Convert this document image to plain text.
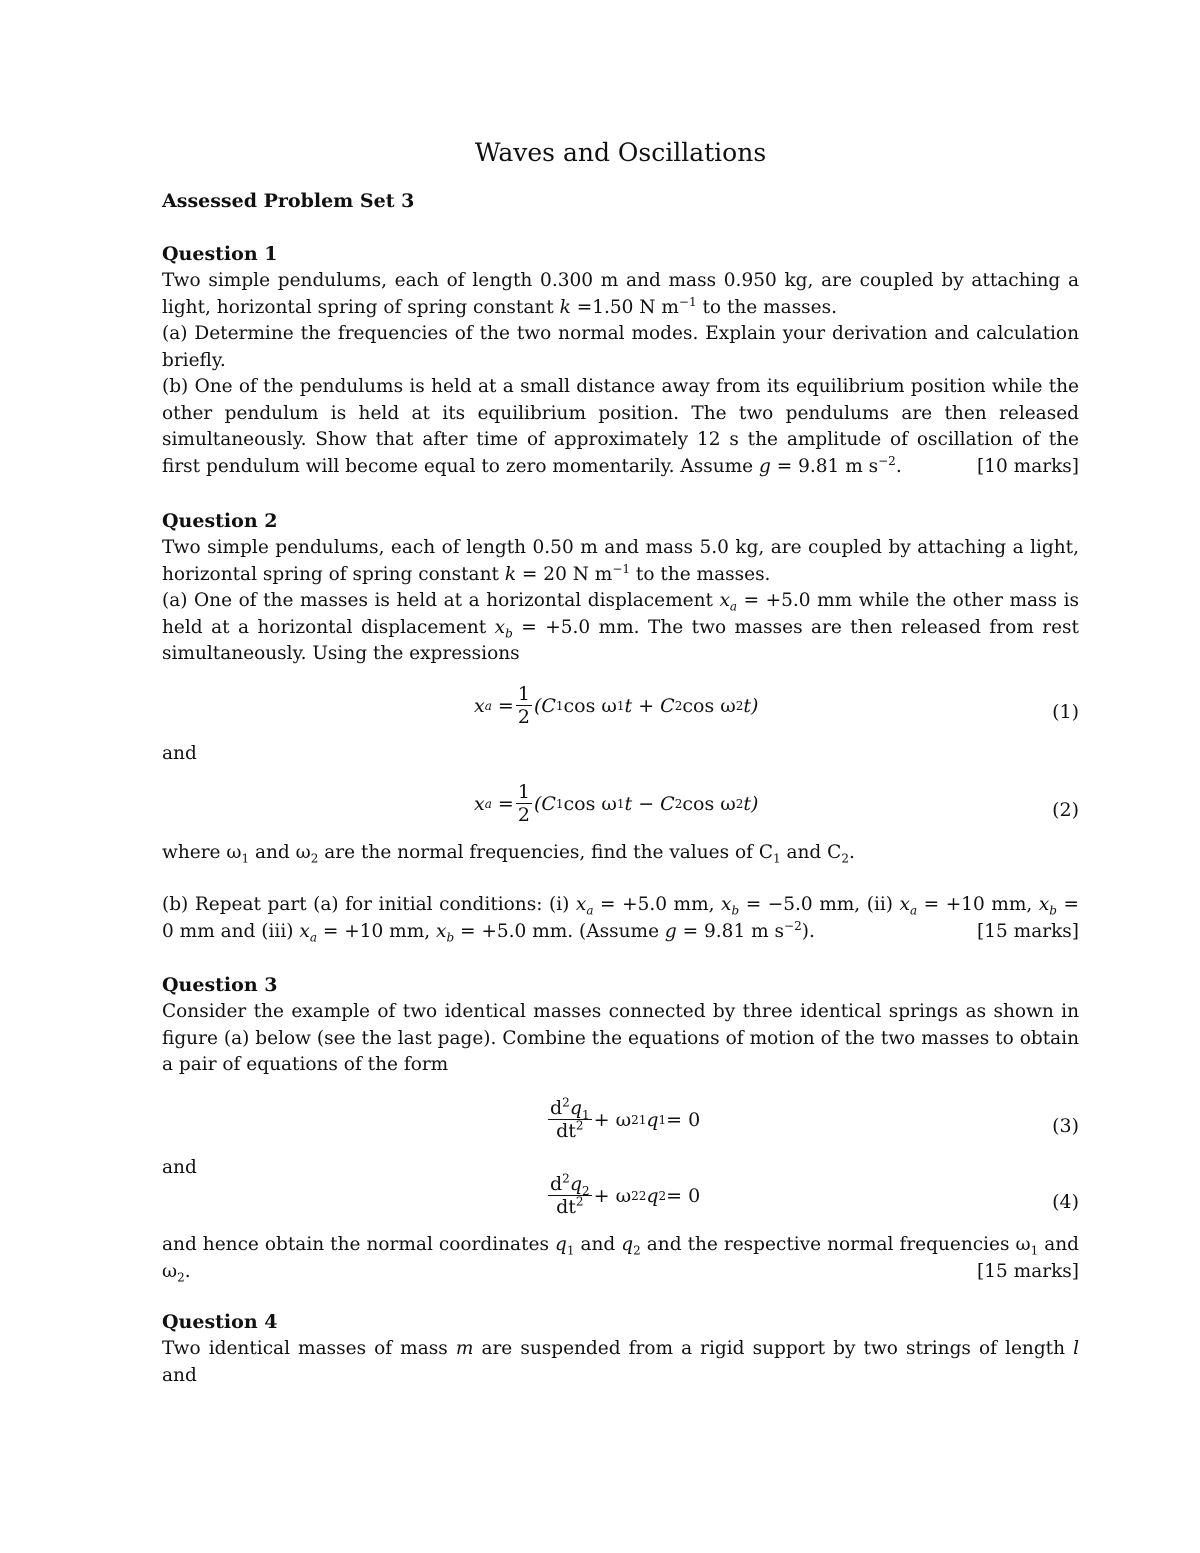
Waves and Oscillations
Assessed Problem Set 3
Question 1

Two simple pendulums, each of length 0.300 m and mass 0.950 kg, are coupled by attaching a light, horizontal spring of spring constant k =1.50 N $m^{-1}$ to the masses.

(a) Determine the frequencies of the two normal modes. Explain your derivation and calculation briefly.

(b) One of the pendulums is held at a small distance away from its equilibrium position while the other pendulum is held at its equilibrium position. The two pendulums are then released simultaneously. Show that after time of approximately 12 s the amplitude of oscillation of the first pendulum will become equal to zero momentarily. Assume g = 9.81 m $s^{-2}$.	[10 marks]

Question 2

Two simple pendulums, each of length 0.50 m and mass 5.0 kg, are coupled by attaching a light, horizontal spring of spring constant k = 20 N $m^{-1}$ to the masses.

(a) One of the masses is held at a horizontal displacement $x_a = +5.0$ mm while the other mass is held at a horizontal displacement $x_b = +5.0$ mm. The two masses are then released from rest simultaneously. Using the expressions

x a
= $\frac{1}{2} (C$ 1 cos ω 1 t + C 2 cos ω 2 t)	(1)
and
x a
= $\frac{1}{2} (C$ 1 cos ω 1 t − C 2 cos ω 2 t)	(2)

where $\omega_1$ and $\omega_2$ are the normal frequencies, find the values of $C_1$ and $C_2$.

(b) Repeat part (a) for initial conditions: (i) $x_a = +5.0$ mm, $x_b = -5.0$ mm, (ii) $x_a = +10$ mm, $x_b = 0$ mm and (iii) $x_a = +10$ mm, $x_b = +5.0$ mm. (Assume g = 9.81 m $s^{-2}$).	[15 marks]

Question 3

Consider the example of two identical masses connected by three identical springs as shown in figure (a) below (see the last page). Combine the equations of motion of the two masses to obtain a pair of equations of the form

$\frac{d^2q_1}{dt^2} + \omega$ 2 1 q 1 = 0	(3)
and
$\frac{d^2q_2}{dt^2} + \omega$ 2 2 q 2 = 0	(4)

and hence obtain the normal coordinates $q_1$ and $q_2$ and the respective normal frequencies $\omega_1$ and $\omega_2$.	[15 marks]

Question 4

Two identical masses of mass m are suspended from a rigid support by two strings of length l and
